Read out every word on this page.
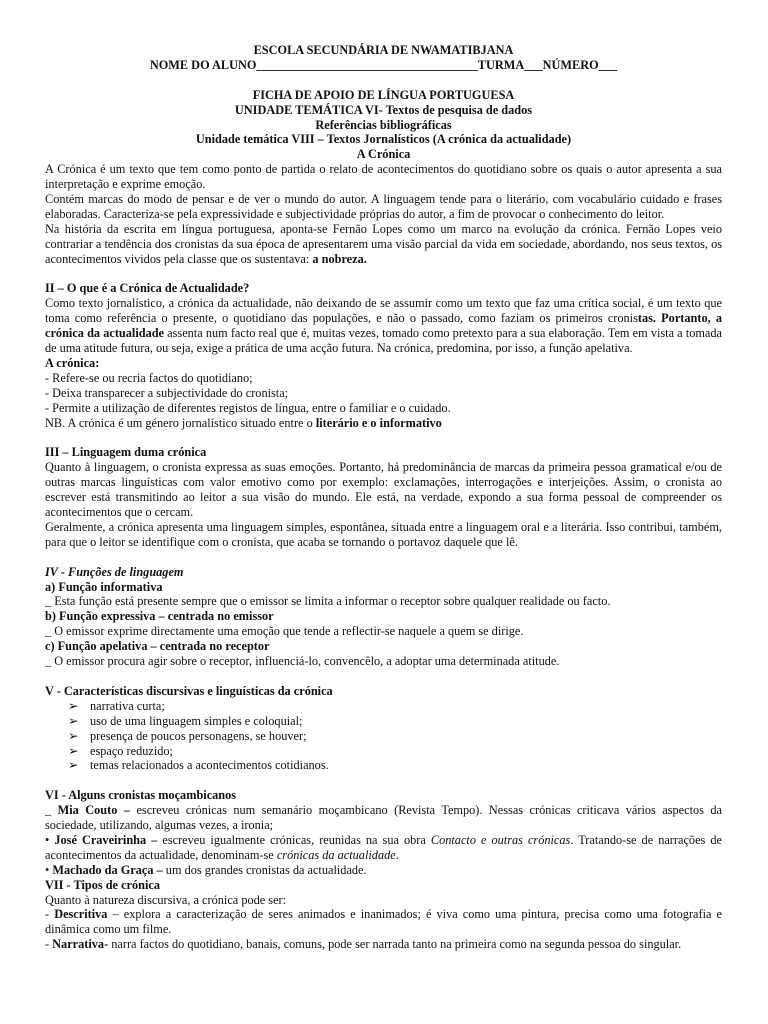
ESCOLA SECUNDÁRIA DE NWAMATIBJANA

NOME DO ALUNO____________________________________TURMA___NÚMERO___

FICHA DE APOIO DE LÍNGUA PORTUGUESA

UNIDADE TEMÁTICA VI- Textos de pesquisa de dados

Referências bibliográficas

Unidade temática VIII – Textos Jornalísticos (A crónica da actualidade)

A Crónica

A Crónica é um texto que tem como ponto de partida o relato de acontecimentos do quotidiano sobre os quais o autor apresenta a sua interpretação e exprime emoção.

Contém marcas do modo de pensar e de ver o mundo do autor. A linguagem tende para o literário, com vocabulário cuidado e frases elaboradas. Caracteriza-se pela expressividade e subjectividade próprias do autor, a fim de provocar o conhecimento do leitor.

Na história da escrita em língua portuguesa, aponta-se Fernão Lopes como um marco na evolução da crónica. Fernão Lopes veio contrariar a tendência dos cronistas da sua época de apresentarem uma visão parcial da vida em sociedade, abordando, nos seus textos, os acontecimentos vividos pela classe que os sustentava: a nobreza.

II – O que é a Crónica de Actualidade?

Como texto jornalístico, a crónica da actualidade, não deixando de se assumir como um texto que faz uma crítica social, é um texto que toma como referência o presente, o quotidiano das populações, e não o passado, como faziam os primeiros cronistas. Portanto, a crónica da actualidade assenta num facto real que é, muitas vezes, tomado como pretexto para a sua elaboração. Tem em vista a tomada de uma atitude futura, ou seja, exige a prática de uma acção futura. Na crónica, predomina, por isso, a função apelativa.

A crónica:

- Refere-se ou recria factos do quotidiano;

- Deixa transparecer a subjectividade do cronista;

- Permite a utilização de diferentes registos de língua, entre o familiar e o cuidado.

NB. A crónica é um género jornalístico situado entre o literário e o informativo

III – Linguagem duma crónica

Quanto à linguagem, o cronista expressa as suas emoções. Portanto, há predominância de marcas da primeira pessoa gramatical e/ou de outras marcas linguísticas com valor emotivo como por exemplo: exclamações, interrogações e interjeições. Assim, o cronista ao escrever está transmitindo ao leitor a sua visão do mundo. Ele está, na verdade, expondo a sua forma pessoal de compreender os acontecimentos que o cercam.

Geralmente, a crónica apresenta uma linguagem simples, espontânea, situada entre a linguagem oral e a literária. Isso contribui, também, para que o leitor se identifique com o cronista, que acaba se tornando o portavoz daquele que lê.

IV - Funções de linguagem

a) Função informativa

_ Esta função está presente sempre que o emissor se limita a informar o receptor sobre qualquer realidade ou facto.

b) Função expressiva – centrada no emissor

_ O emissor exprime directamente uma emoção que tende a reflectir-se naquele a quem se dirige.

c) Função apelativa – centrada no receptor

_ O emissor procura agir sobre o receptor, influenciá-lo, convencêlo, a adoptar uma determinada atitude.

V - Características discursivas e linguísticas da crónica

➢ narrativa curta;
➢ uso de uma linguagem simples e coloquial;
➢ presença de poucos personagens, se houver;
➢ espaço reduzido;
➢ temas relacionados a acontecimentos cotidianos.

VI - Alguns cronistas moçambicanos

_ Mia Couto – escreveu crónicas num semanário moçambicano (Revista Tempo). Nessas crónicas criticava vários aspectos da sociedade, utilizando, algumas vezes, a ironia;

• José Craveirinha – escreveu igualmente crónicas, reunidas na sua obra Contacto e outras crónicas. Tratando-se de narrações de acontecimentos da actualidade, denominam-se crónicas da actualidade.

• Machado da Graça – um dos grandes cronistas da actualidade.

VII - Tipos de crónica

Quanto à natureza discursiva, a crónica pode ser:

- Descritiva – explora a caracterização de seres animados e inanimados; é viva como uma pintura, precisa como uma fotografia e dinâmica como um filme.

- Narrativa- narra factos do quotidiano, banais, comuns, pode ser narrada tanto na primeira como na segunda pessoa do singular.
